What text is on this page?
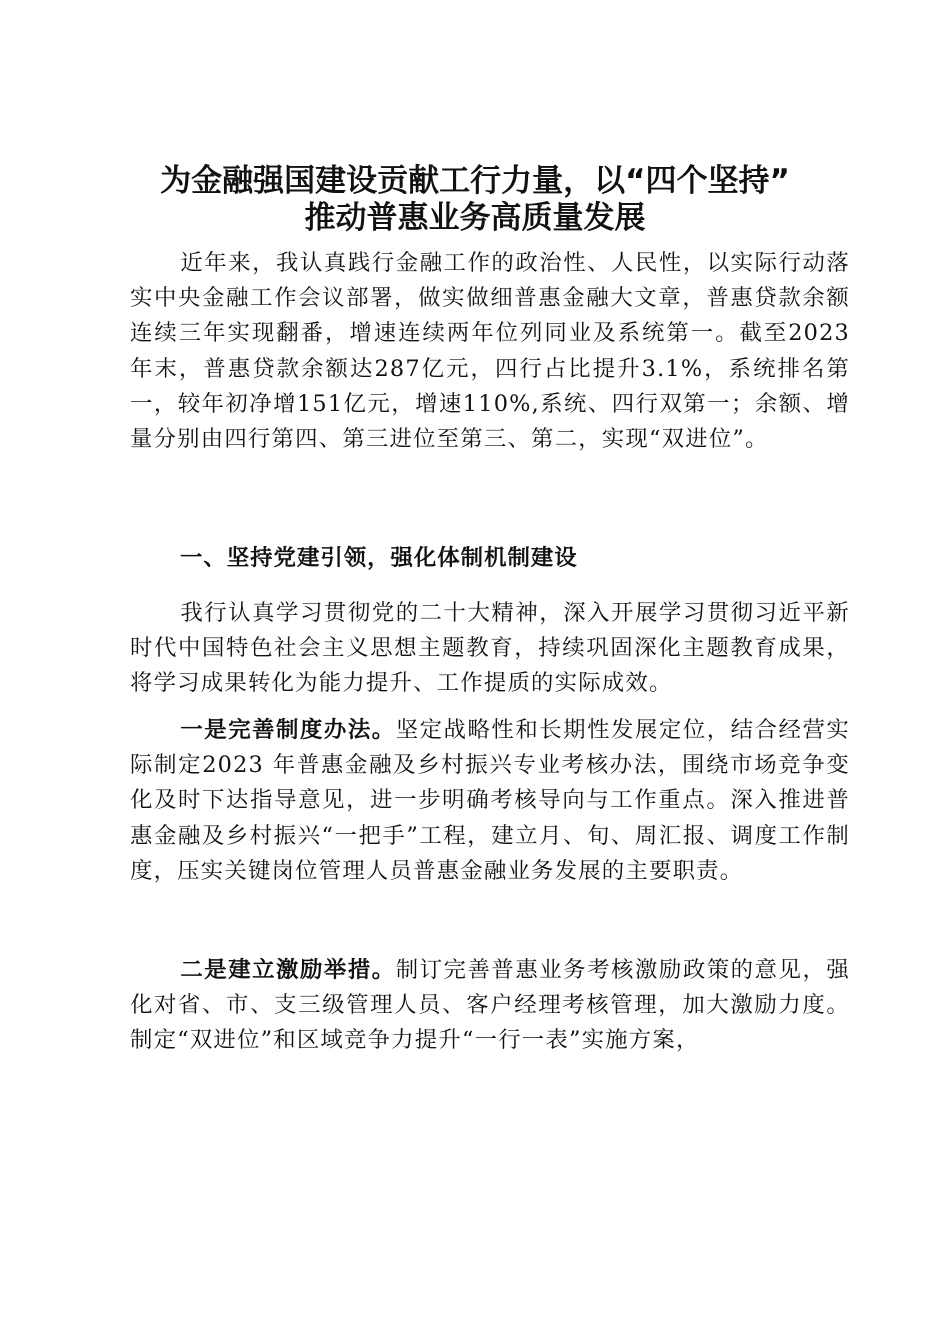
为金融强国建设贡献工行力量，以“四个坚持”
推动普惠业务高质量发展

近年来，我认真践行金融工作的政治性、人民性，以实际行动落实中央金融工作会议部署，做实做细普惠金融大文章，普惠贷款余额连续三年实现翻番，增速连续两年位列同业及系统第一。截至2023年末，普惠贷款余额达287亿元，四行占比提升3.1%，系统排名第一，较年初净增151亿元，增速110%,系统、四行双第一；余额、增量分别由四行第四、第三进位至第三、第二，实现“双进位”。

一、坚持党建引领，强化体制机制建设

我行认真学习贯彻党的二十大精神，深入开展学习贯彻习近平新时代中国特色社会主义思想主题教育，持续巩固深化主题教育成果，将学习成果转化为能力提升、工作提质的实际成效。

一是完善制度办法。坚定战略性和长期性发展定位，结合经营实际制定2023 年普惠金融及乡村振兴专业考核办法，围绕市场竞争变化及时下达指导意见，进一步明确考核导向与工作重点。深入推进普惠金融及乡村振兴“一把手”工程，建立月、旬、周汇报、调度工作制度，压实关键岗位管理人员普惠金融业务发展的主要职责。

二是建立激励举措。制订完善普惠业务考核激励政策的意见，强化对省、市、支三级管理人员、客户经理考核管理，加大激励力度。制定“双进位”和区域竞争力提升“一行一表”实施方案，
